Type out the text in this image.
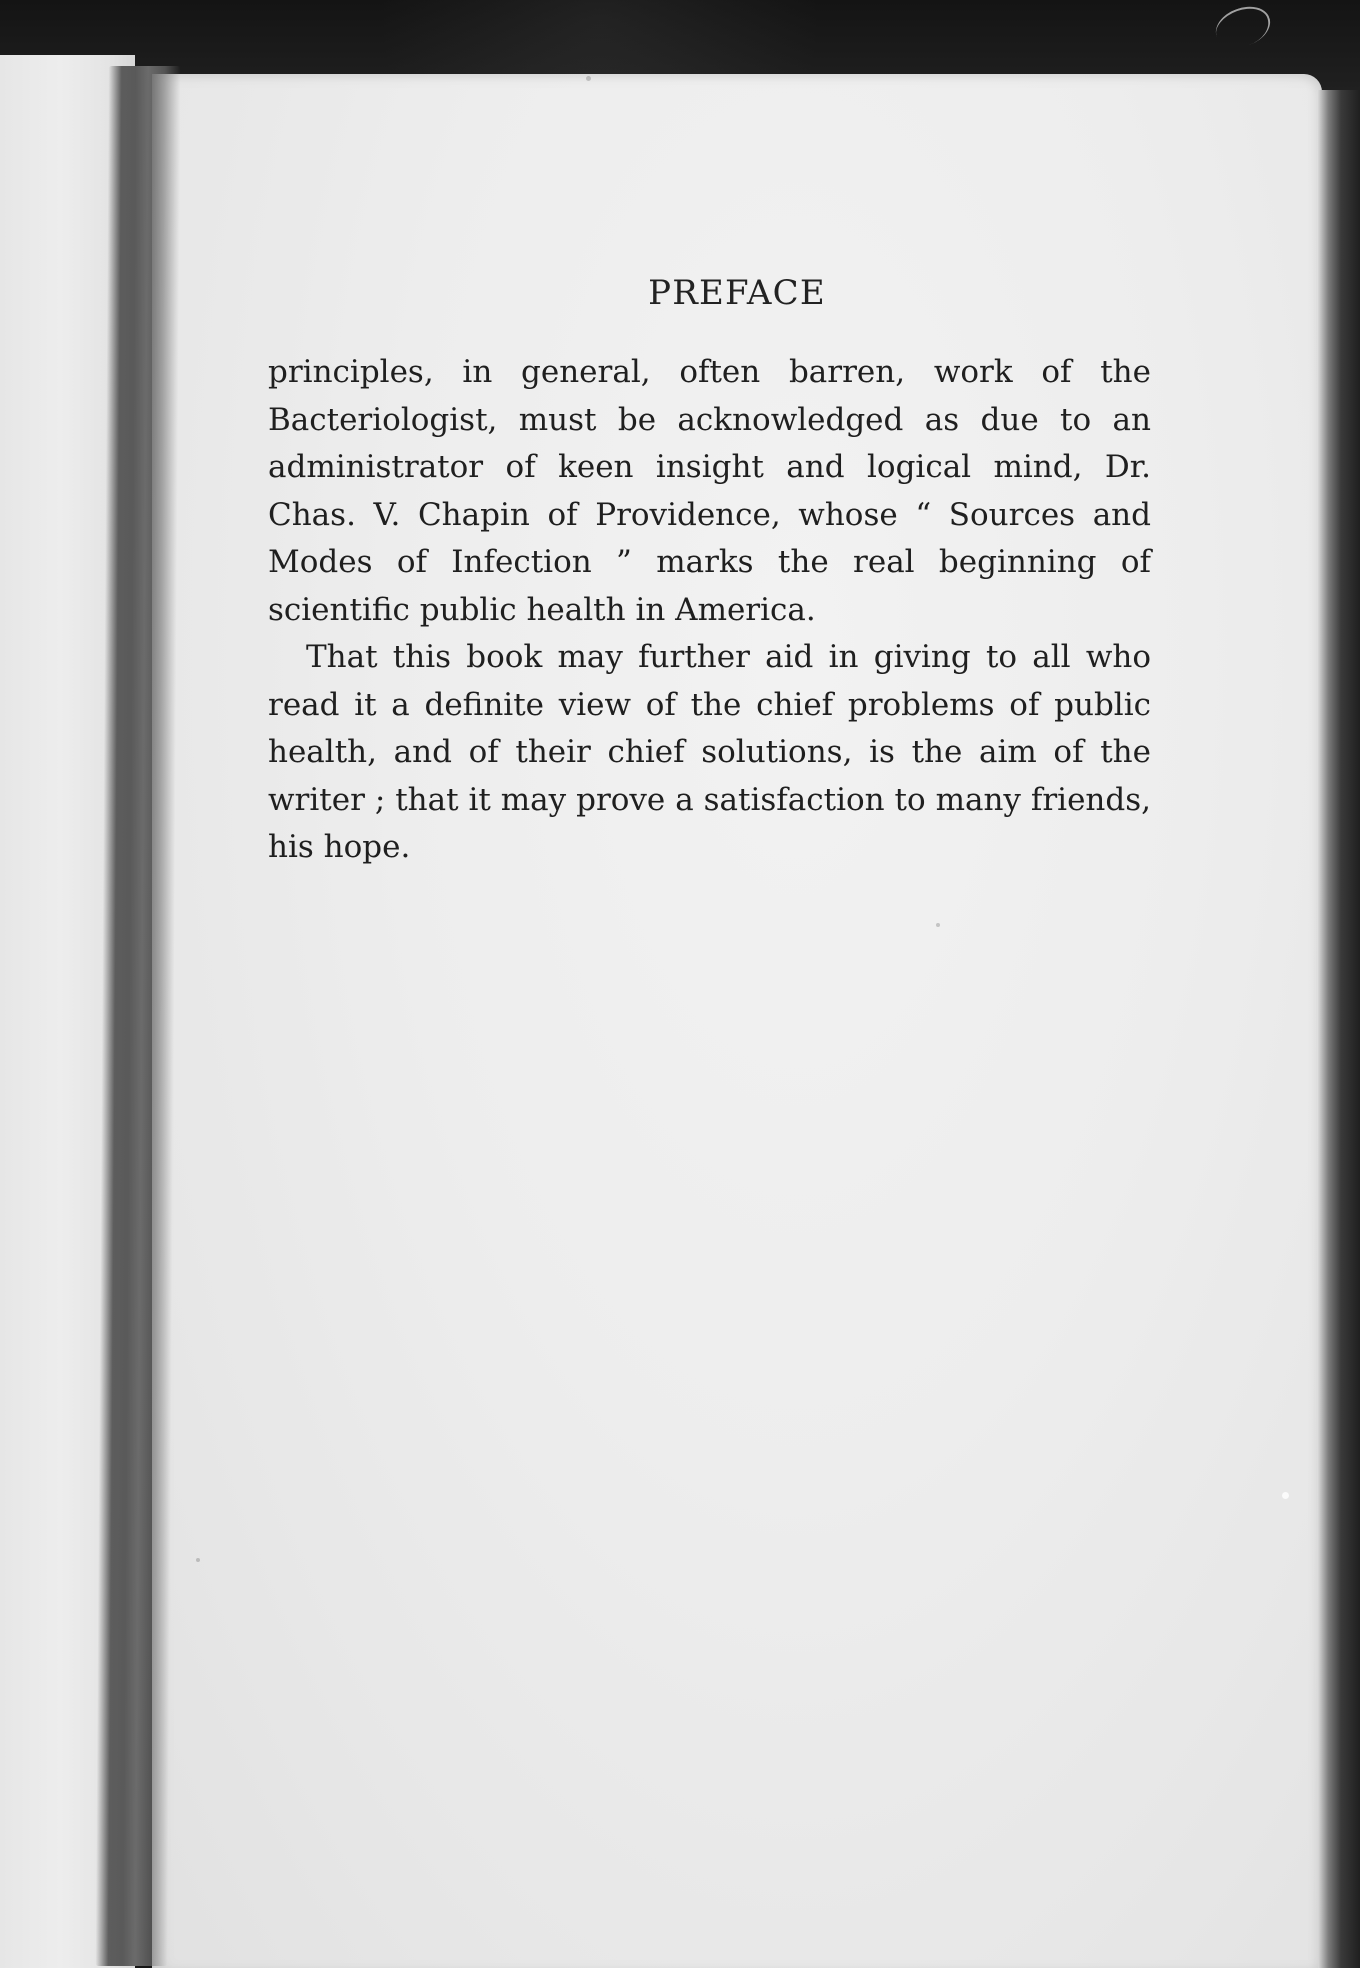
PREFACE

principles, in general, often barren, work of the Bacteriologist, must be acknowledged as due to an administrator of keen insight and logical mind, Dr. Chas. V. Chapin of Providence, whose “ Sources and Modes of Infection ” marks the real beginning of scientific public health in America.

That this book may further aid in giving to all who read it a definite view of the chief problems of public health, and of their chief solutions, is the aim of the writer ; that it may prove a satisfaction to many friends, his hope.
